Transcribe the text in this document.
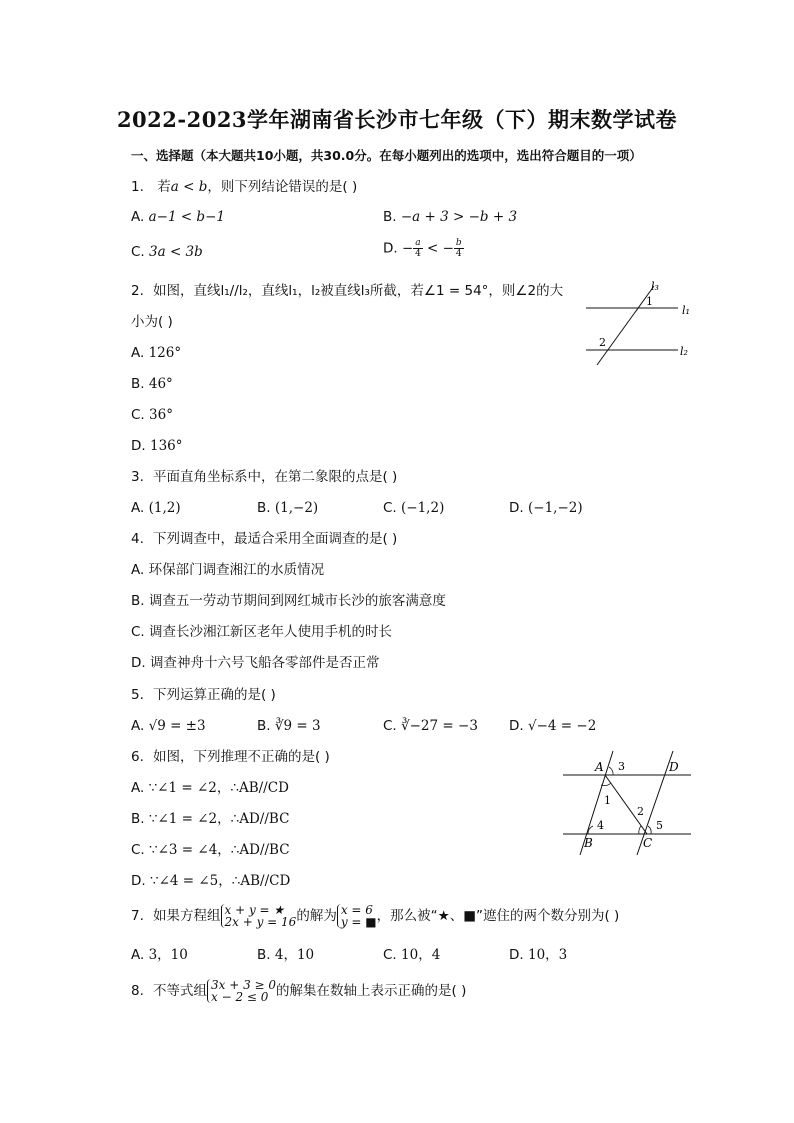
2022-2023学年湖南省长沙市七年级（下）期末数学试卷
一、选择题（本大题共10小题，共30.0分。在每小题列出的选项中，选出符合题目的一项）
1. 若a < b，则下列结论错误的是( )
A. a−1 < b−1	B. −a + 3 > −b + 3
C. 3a < 3b	D. − $\frac{a}{4}$ < − $\frac{b}{4}$
2. 如图，直线l₁//l₂，直线l₁，l₂被直线l₃所截，若∠1 = 54°，则∠2的大
小为( )
A. 126°
B. 46°
C. 36°
D. 136°
l₃
l₁
l₂
1
2
3. 平面直角坐标系中，在第二象限的点是( )
A. (1,2)	B. (1,−2)	C. (−1,2)	D. (−1,−2)
4. 下列调查中，最适合采用全面调查的是( )
A. 环保部门调查湘江的水质情况
B. 调查五一劳动节期间到网红城市长沙的旅客满意度
C. 调查长沙湘江新区老年人使用手机的时长
D. 调查神舟十六号飞船各零部件是否正常
5. 下列运算正确的是( )
A. √9 = ±3	B. ∛9 = 3	C. ∛−27 = −3 D. √−4 = −2
6. 如图，下列推理不正确的是( )
A. ∵∠1 = ∠2，∴AB//CD
B. ∵∠1 = ∠2，∴AD//BC
C. ∵∠3 = ∠4，∴AD//BC
D. ∵∠4 = ∠5，∴AB//CD
A	D
B	C
3
1
2
4	5
7. 如果方程组 x + y = ★
2x + y = 16 的解为 x = 6
y = ■ ，那么被“★、■”遮住的两个数分别为( )
A. 3，10	B. 4，10	C. 10，4	D. 10，3
8. 不等式组 3x + 3 ≥ 0
x − 2 ≤ 0 的解集在数轴上表示正确的是( )
